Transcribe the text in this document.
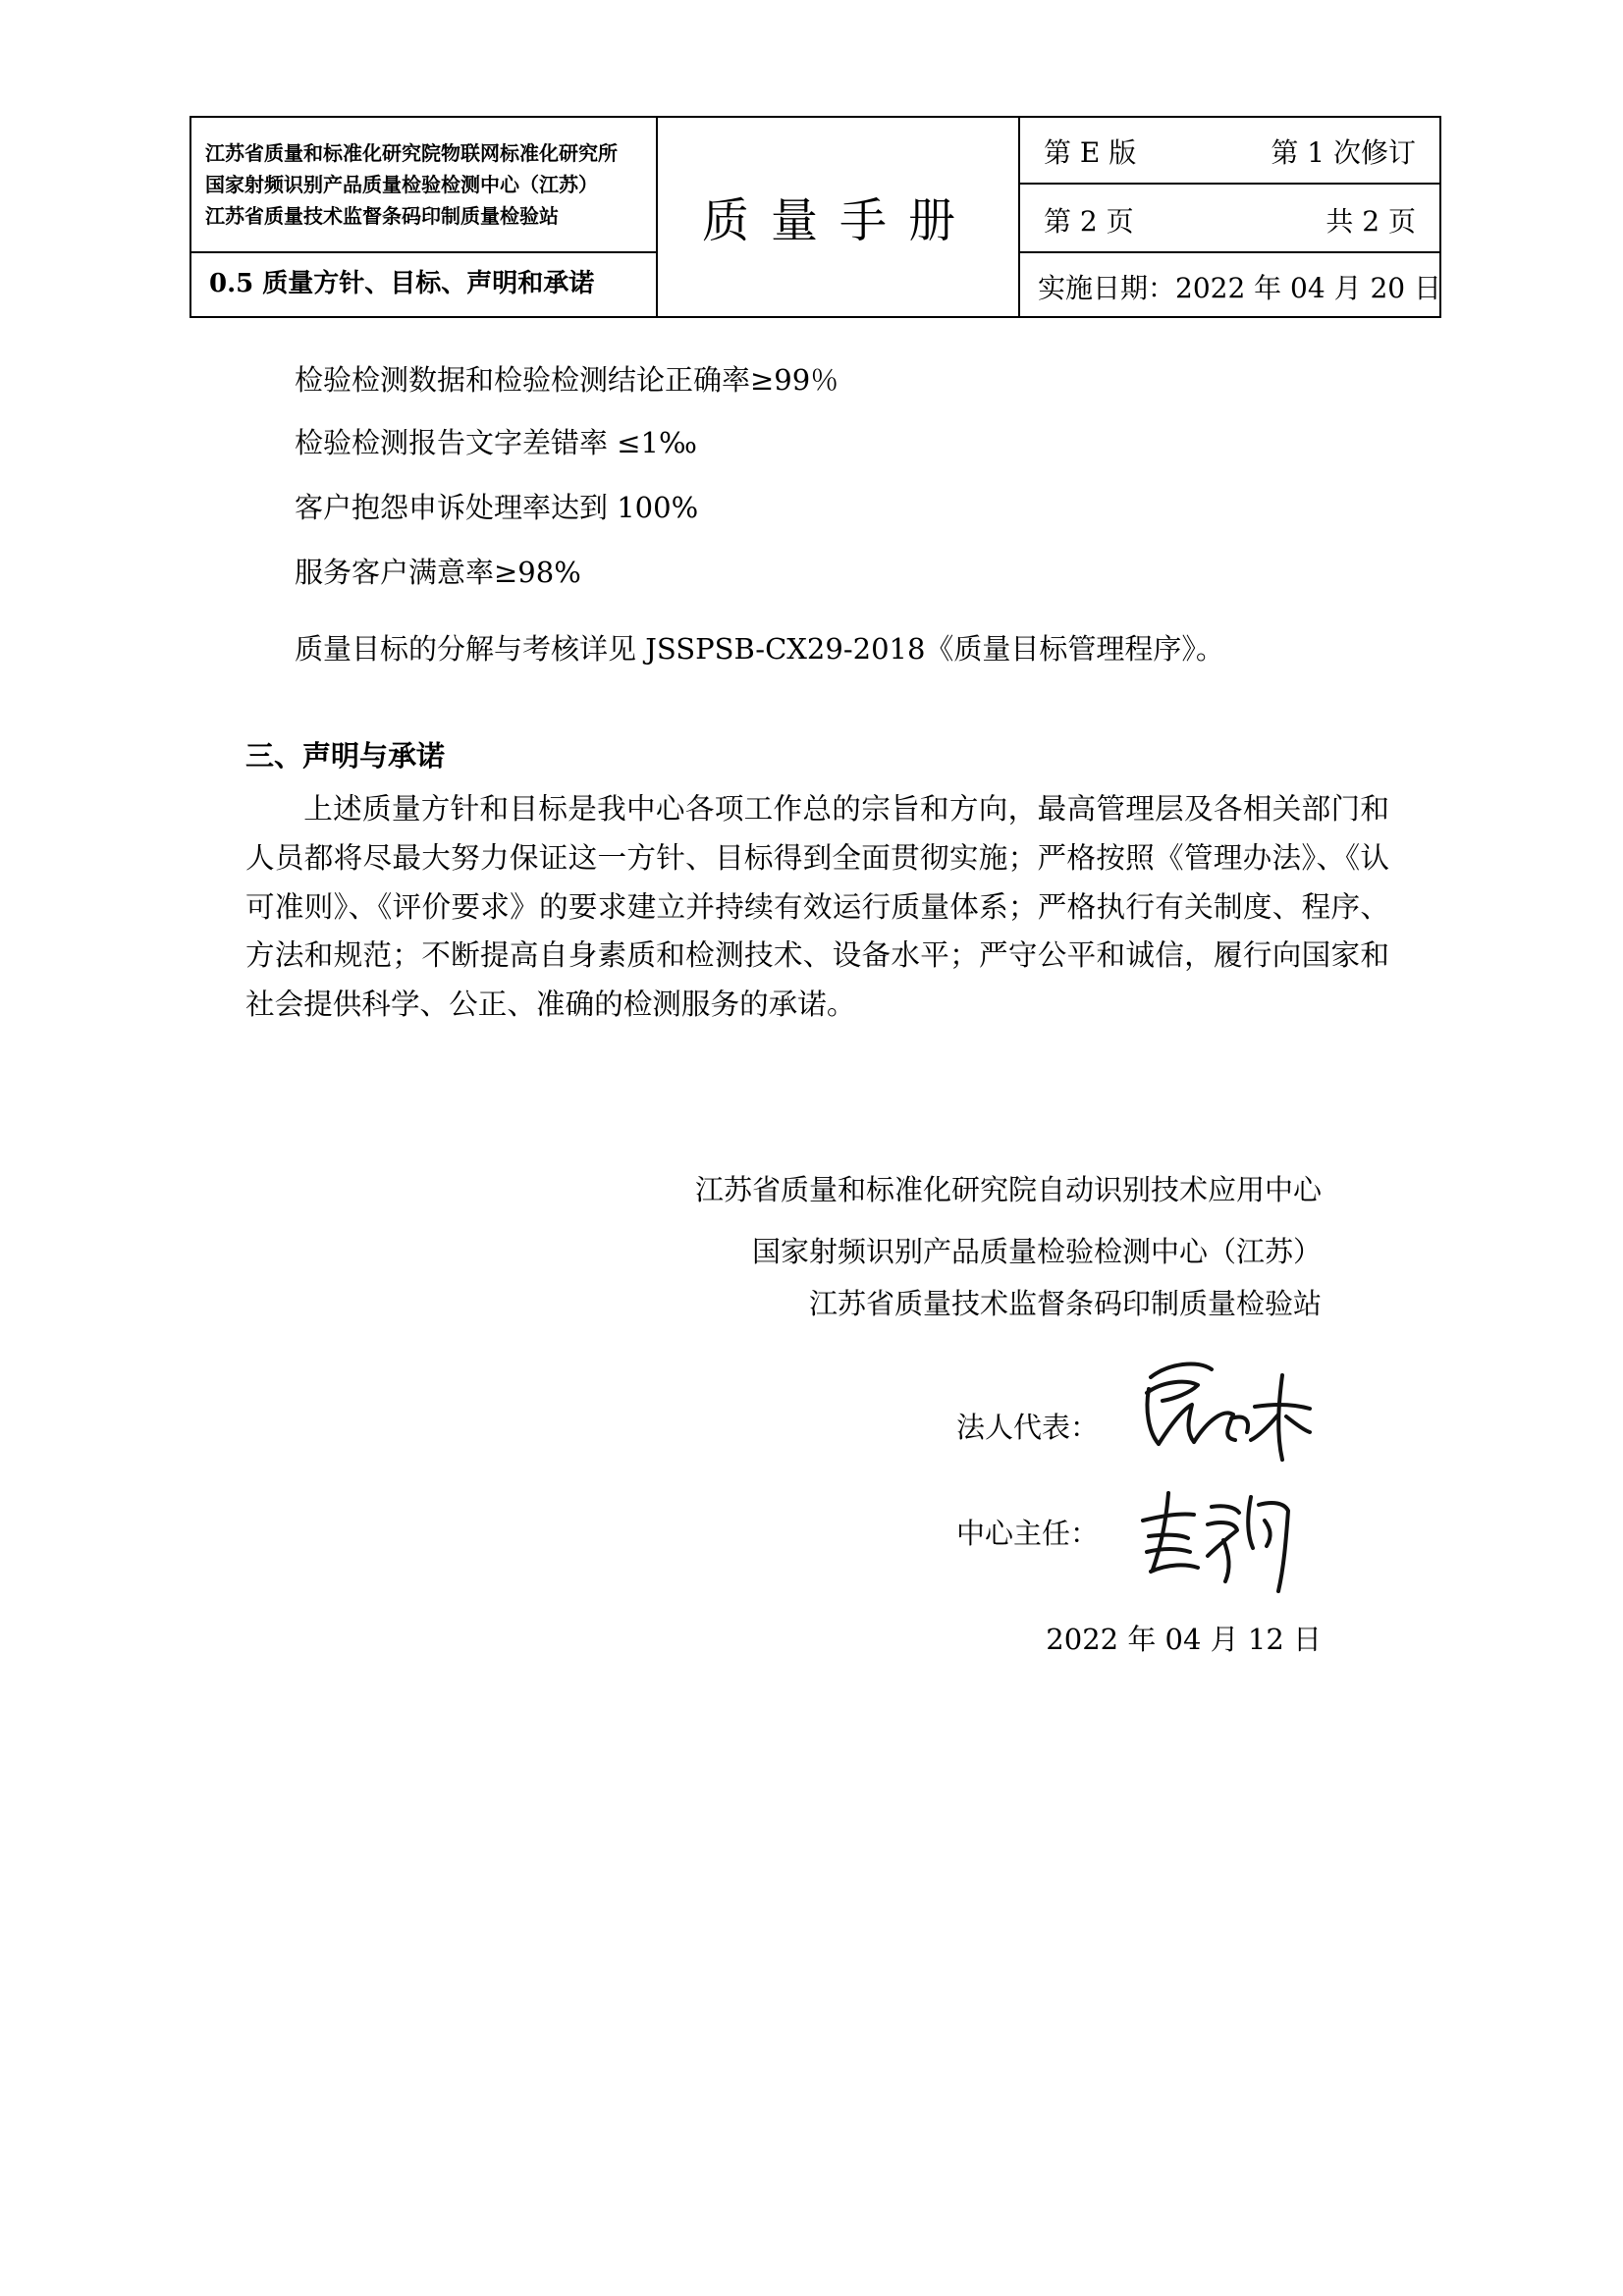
江苏省质量和标准化研究院物联网标准化研究所
国家射频识别产品质量检验检测中心（江苏）
江苏省质量技术监督条码印制质量检验站
0.5 质量方针、目标、声明和承诺
质量手册
第 E 版	第 1 次修订
第 2 页	共 2 页
实施日期：2022 年 04 月 20 日
检验检测数据和检验检测结论正确率≥99％
检验检测报告文字差错率 ≤1‰
客户抱怨申诉处理率达到 100%
服务客户满意率≥98%
质量目标的分解与考核详见 JSSPSB-CX29-2018《质量目标管理程序》。
三、声明与承诺
上述质量方针和目标是我中心各项工作总的宗旨和方向，最高管理层及各相关部门和人员都将尽最大努力保证这一方针、目标得到全面贯彻实施；严格按照《管理办法》、《认可准则》、《评价要求》的要求建立并持续有效运行质量体系；严格执行有关制度、程序、方法和规范；不断提高自身素质和检测技术、设备水平；严守公平和诚信，履行向国家和社会提供科学、公正、准确的检测服务的承诺。
江苏省质量和标准化研究院自动识别技术应用中心
国家射频识别产品质量检验检测中心（江苏）
江苏省质量技术监督条码印制质量检验站
法人代表：
中心主任：
2022 年 04 月 12 日
